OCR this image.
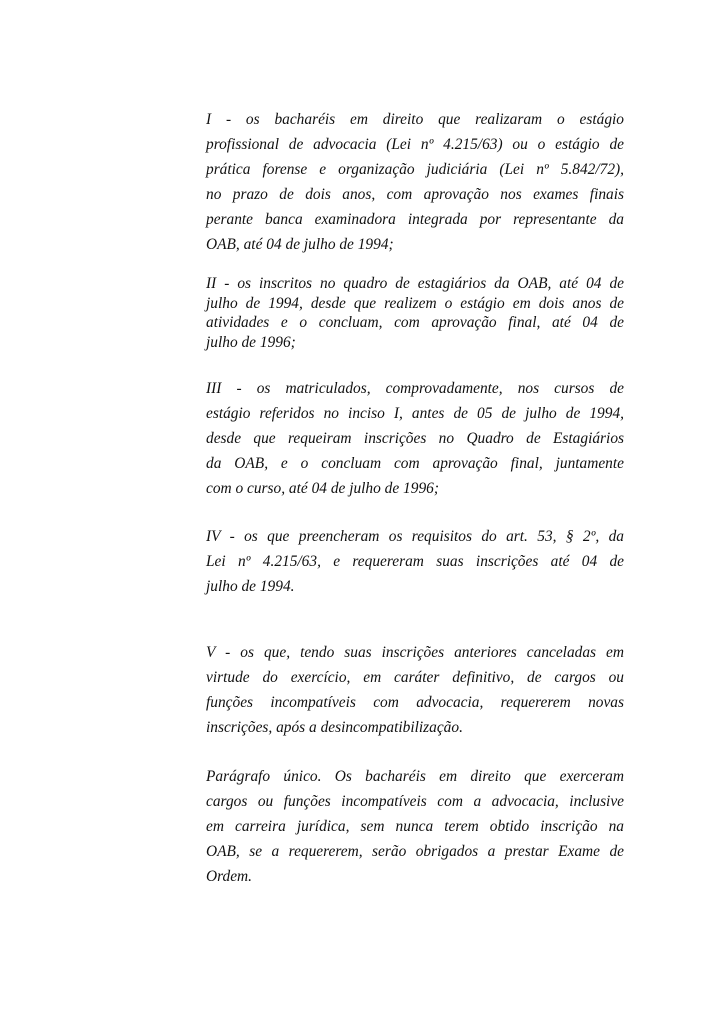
I - os bacharéis em direito que realizaram o estágio
profissional de advocacia (Lei nº 4.215/63) ou o estágio de
prática forense e organização judiciária (Lei nº 5.842/72),
no prazo de dois anos, com aprovação nos exames finais
perante banca examinadora integrada por representante da
OAB, até 04 de julho de 1994;

II - os inscritos no quadro de estagiários da OAB, até 04 de
julho de 1994, desde que realizem o estágio em dois anos de
atividades e o concluam, com aprovação final, até 04 de
julho de 1996;

III - os matriculados, comprovadamente, nos cursos de
estágio referidos no inciso I, antes de 05 de julho de 1994,
desde que requeiram inscrições no Quadro de Estagiários
da OAB, e o concluam com aprovação final, juntamente
com o curso, até 04 de julho de 1996;

IV - os que preencheram os requisitos do art. 53, § 2º, da
Lei nº 4.215/63, e requereram suas inscrições até 04 de
julho de 1994.

V - os que, tendo suas inscrições anteriores canceladas em
virtude do exercício, em caráter definitivo, de cargos ou
funções incompatíveis com advocacia, requererem novas
inscrições, após a desincompatibilização.

Parágrafo único. Os bacharéis em direito que exerceram
cargos ou funções incompatíveis com a advocacia, inclusive
em carreira jurídica, sem nunca terem obtido inscrição na
OAB, se a requererem, serão obrigados a prestar Exame de
Ordem.
